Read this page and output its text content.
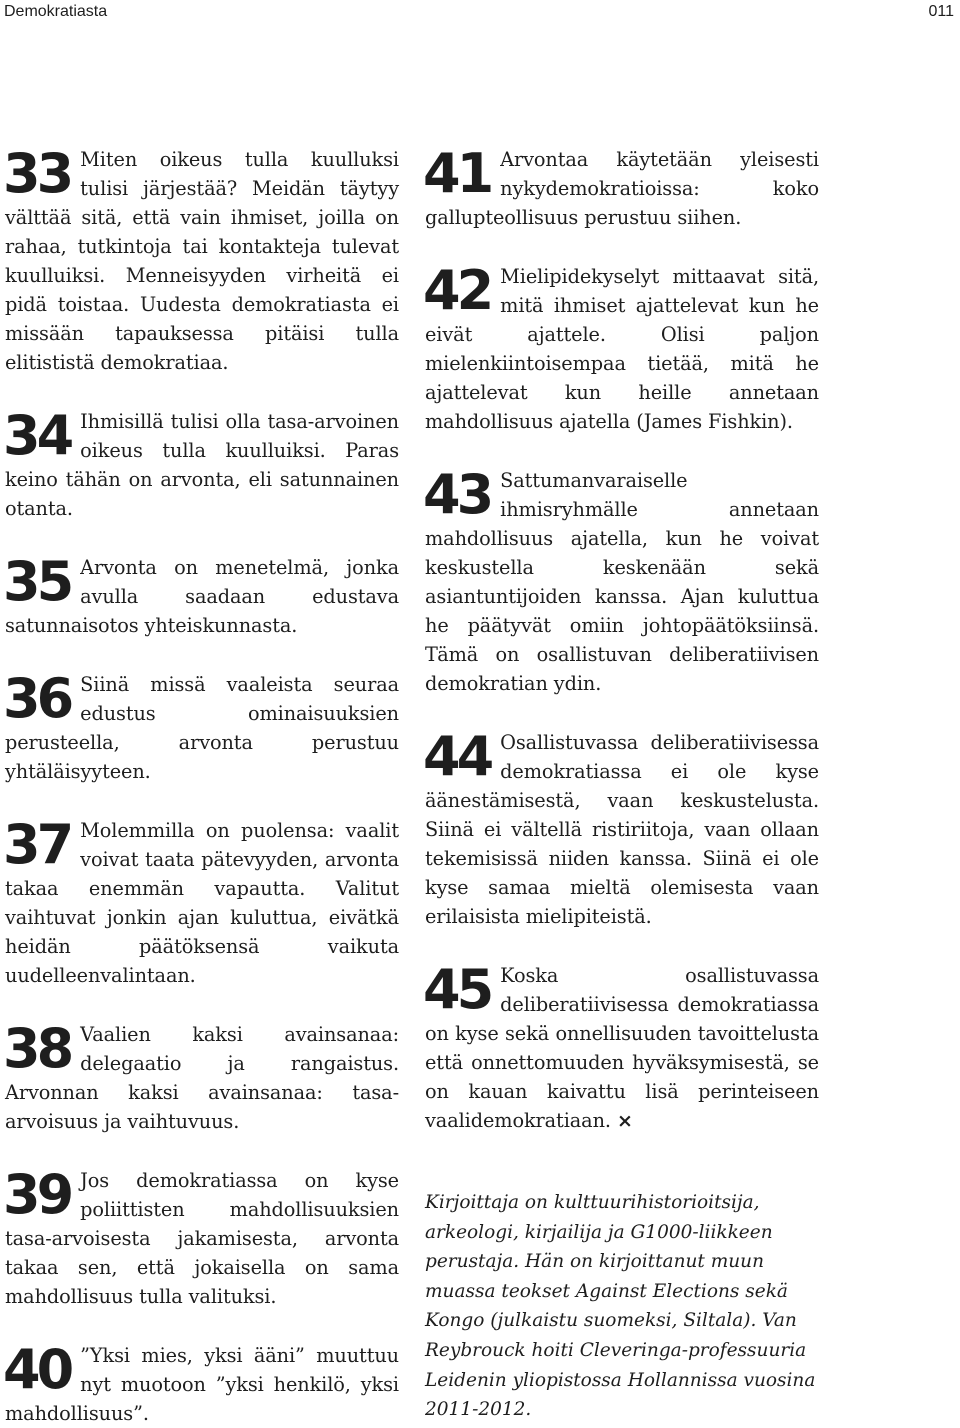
Demokratiasta	011

33 Miten oikeus tulla kuulluksi tulisi järjestää? Meidän täytyy välttää sitä, että vain ihmiset, joilla on rahaa, tutkintoja tai kontakteja tulevat kuulluiksi. Menneisyyden virheitä ei pidä toistaa. Uudesta demokratiasta ei missään tapauksessa pitäisi tulla elitististä demokratiaa.

34 Ihmisillä tulisi olla tasa-arvoinen oikeus tulla kuulluiksi. Paras keino tähän on arvonta, eli satunnainen otanta.

35 Arvonta on menetelmä, jonka avulla saadaan edustava satunnaisotos yhteiskunnasta.

36 Siinä missä vaaleista seuraa edustus ominaisuuksien perusteella, arvonta perustuu yhtäläisyyteen.

37 Molemmilla on puolensa: vaalit voivat taata pätevyyden, arvonta takaa enemmän vapautta. Valitut vaihtuvat jonkin ajan kuluttua, eivätkä heidän päätöksensä vaikuta uudelleenvalintaan.

38 Vaalien kaksi avainsanaa: delegaatio ja rangaistus. Arvonnan kaksi avainsanaa: tasa-arvoisuus ja vaihtuvuus.

39 Jos demokratiassa on kyse poliittisten mahdollisuuksien tasa-arvoisesta jakamisesta, arvonta takaa sen, että jokaisella on sama mahdollisuus tulla valituksi.

40 ”Yksi mies, yksi ääni” muuttuu nyt muotoon ”yksi henkilö, yksi mahdollisuus”.

41 Arvontaa käytetään yleisesti nykydemokratioissa: koko gallupteollisuus perustuu siihen.

42 Mielipidekyselyt mittaavat sitä, mitä ihmiset ajattelevat kun he eivät ajattele. Olisi paljon mielenkiintoisempaa tietää, mitä he ajattelevat kun heille annetaan mahdollisuus ajatella (James Fishkin).

43 Sattumanvaraiselle ihmisryhmälle annetaan mahdollisuus ajatella, kun he voivat keskustella keskenään sekä asiantuntijoiden kanssa. Ajan kuluttua he päätyvät omiin johtopäätöksiinsä. Tämä on osallistuvan deliberatiivisen demokratian ydin.

44 Osallistuvassa deliberatiivisessa demokratiassa ei ole kyse äänestämisestä, vaan keskustelusta. Siinä ei vältellä ristiriitoja, vaan ollaan tekemisissä niiden kanssa. Siinä ei ole kyse samaa mieltä olemisesta vaan erilaisista mielipiteistä.

45 Koska osallistuvassa deliberatiivisessa demokratiassa on kyse sekä onnellisuuden tavoittelusta että onnettomuuden hyväksymisestä, se on kauan kaivattu lisä perinteiseen vaalidemokratiaan. ×

Kirjoittaja on kulttuurihistorioitsija, arkeologi, kirjailija ja G1000-liikkeen perustaja. Hän on kirjoittanut muun muassa teokset Against Elections sekä Kongo (julkaistu suomeksi, Siltala). Van Reybrouck hoiti Cleveringa-professuuria Leidenin yliopistossa Hollannissa vuosina 2011-2012.
